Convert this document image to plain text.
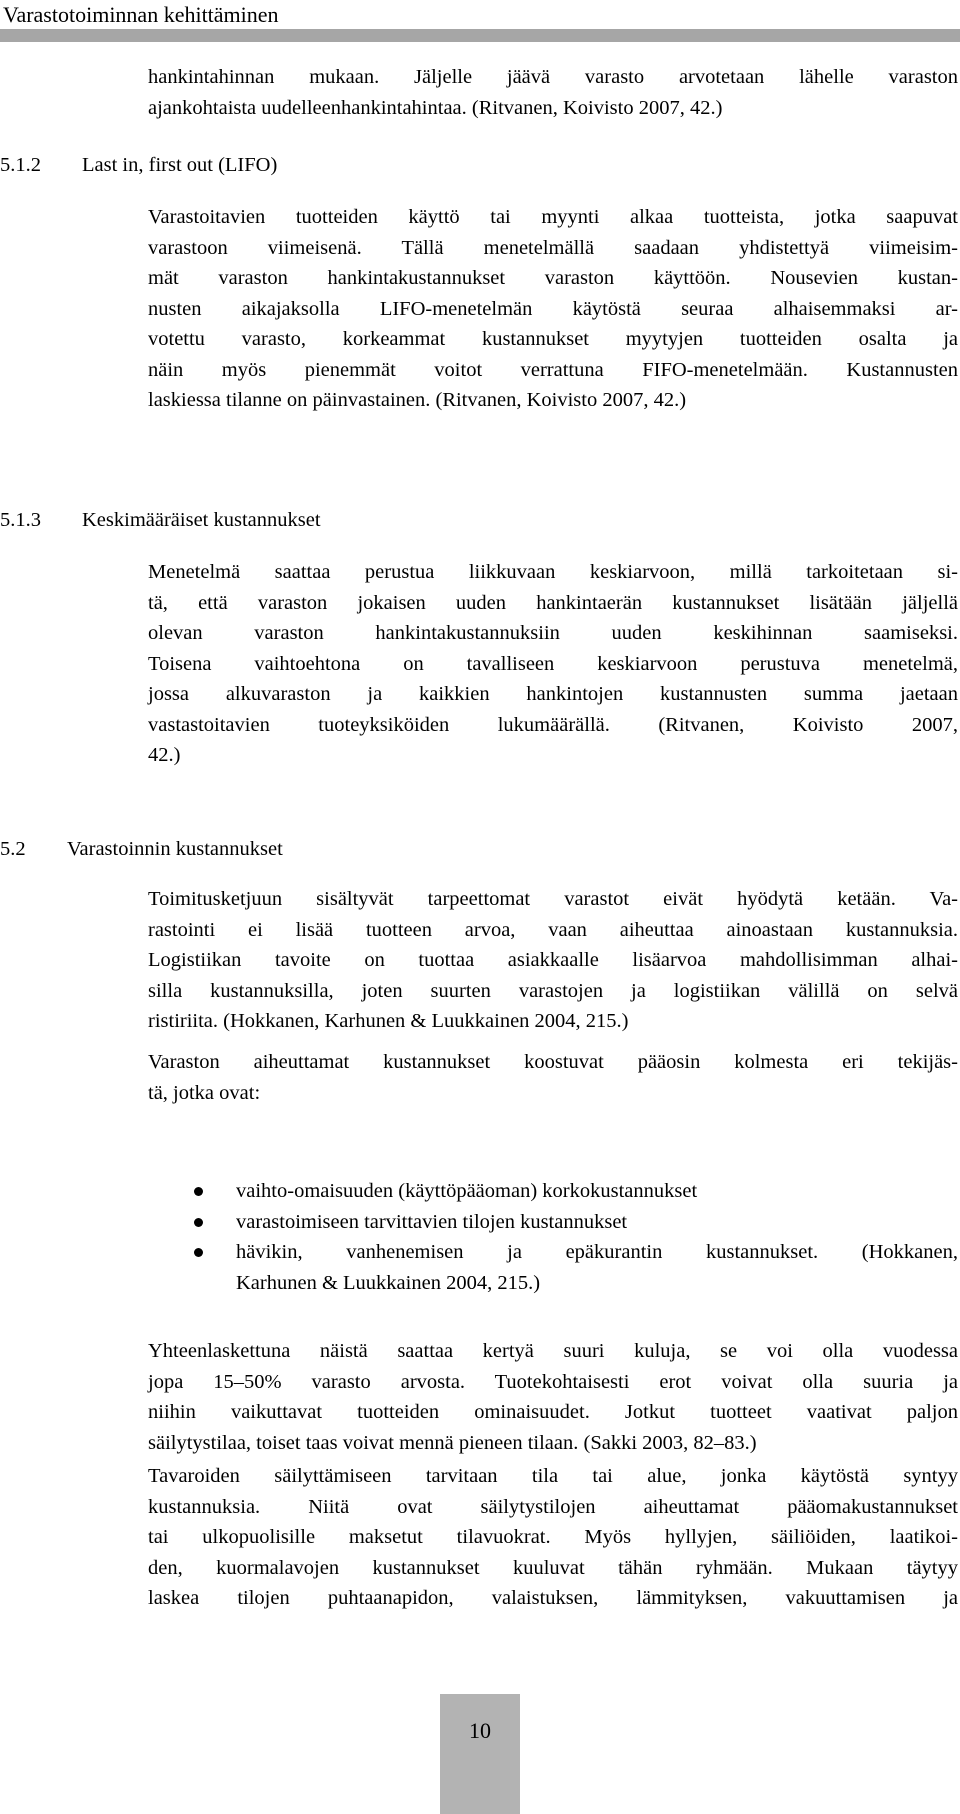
Varastotoiminnan kehittäminen
hankintahinnan mukaan. Jäljelle jäävä varasto arvotetaan lähelle varaston
ajankohtaista uudelleenhankintahintaa. (Ritvanen, Koivisto 2007, 42.)
5.1.2 Last in, first out (LIFO)
Varastoitavien tuotteiden käyttö tai myynti alkaa tuotteista, jotka saapuvat
varastoon viimeisenä. Tällä menetelmällä saadaan yhdistettyä viimeisim-
mät varaston hankintakustannukset varaston käyttöön. Nousevien kustan-
nusten aikajaksolla LIFO-menetelmän käytöstä seuraa alhaisemmaksi ar-
votettu varasto, korkeammat kustannukset myytyjen tuotteiden osalta ja
näin myös pienemmät voitot verrattuna FIFO-menetelmään. Kustannusten
laskiessa tilanne on päinvastainen. (Ritvanen, Koivisto 2007, 42.)
5.1.3 Keskimääräiset kustannukset
Menetelmä saattaa perustua liikkuvaan keskiarvoon, millä tarkoitetaan si-
tä, että varaston jokaisen uuden hankintaerän kustannukset lisätään jäljellä
olevan varaston hankintakustannuksiin uuden keskihinnan saamiseksi.
Toisena vaihtoehtona on tavalliseen keskiarvoon perustuva menetelmä,
jossa alkuvaraston ja kaikkien hankintojen kustannusten summa jaetaan
vastastoitavien tuoteyksiköiden lukumäärällä. (Ritvanen, Koivisto 2007,
42.)
5.2 Varastoinnin kustannukset
Toimitusketjuun sisältyvät tarpeettomat varastot eivät hyödytä ketään. Va-
rastointi ei lisää tuotteen arvoa, vaan aiheuttaa ainoastaan kustannuksia.
Logistiikan tavoite on tuottaa asiakkaalle lisäarvoa mahdollisimman alhai-
silla kustannuksilla, joten suurten varastojen ja logistiikan välillä on selvä
ristiriita. (Hokkanen, Karhunen & Luukkainen 2004, 215.)
Varaston aiheuttamat kustannukset koostuvat pääosin kolmesta eri tekijäs-
tä, jotka ovat:
vaihto-omaisuuden (käyttöpääoman) korkokustannukset
varastoimiseen tarvittavien tilojen kustannukset
hävikin, vanhenemisen ja epäkurantin kustannukset. (Hokkanen,
Karhunen & Luukkainen 2004, 215.)
Yhteenlaskettuna näistä saattaa kertyä suuri kuluja, se voi olla vuodessa
jopa 15–50% varasto arvosta. Tuotekohtaisesti erot voivat olla suuria ja
niihin vaikuttavat tuotteiden ominaisuudet. Jotkut tuotteet vaativat paljon
säilytystilaa, toiset taas voivat mennä pieneen tilaan. (Sakki 2003, 82–83.)
Tavaroiden säilyttämiseen tarvitaan tila tai alue, jonka käytöstä syntyy
kustannuksia. Niitä ovat säilytystilojen aiheuttamat pääomakustannukset
tai ulkopuolisille maksetut tilavuokrat. Myös hyllyjen, säiliöiden, laatikoi-
den, kuormalavojen kustannukset kuuluvat tähän ryhmään. Mukaan täytyy
laskea tilojen puhtaanapidon, valaistuksen, lämmityksen, vakuuttamisen ja
10
